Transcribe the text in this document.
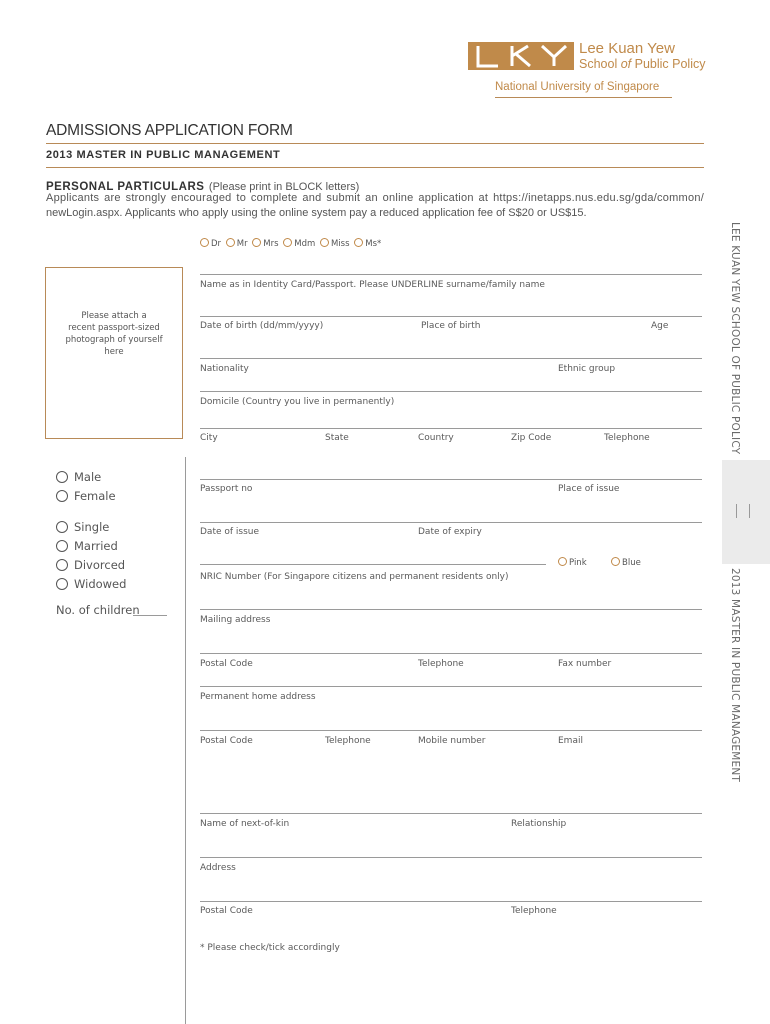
Lee Kuan Yew
School of Public Policy
National University of Singapore
ADMISSIONS APPLICATION FORM
2013 MASTER IN PUBLIC MANAGEMENT
PERSONAL PARTICULARS (Please print in BLOCK letters)
Applicants are strongly encouraged to complete and submit an online application at https://inetapps.nus.edu.sg/gda/common/
newLogin.aspx. Applicants who apply using the online system pay a reduced application fee of S$20 or US$15.
Dr Mr Mrs Mdm Miss Ms*
Please attach a
recent passport-sized
photograph of yourself
here
Male
Female
Single
Married
Divorced
Widowed
No. of children
Name as in Identity Card/Passport. Please UNDERLINE surname/family name
Date of birth (dd/mm/yyyy)	Place of birth	Age
Nationality	Ethnic group
Domicile (Country you live in permanently)
City	State	Country	Zip Code	Telephone
Passport no	Place of issue
Date of issue	Date of expiry
Pink	Blue
NRIC Number (For Singapore citizens and permanent residents only)
Mailing address
Postal Code	Telephone	Fax number
Permanent home address
Postal Code	Telephone	Mobile number	Email
Name of next-of-kin	Relationship
Address
Postal Code	Telephone
* Please check/tick accordingly
LEE KUAN YEW SCHOOL OF PUBLIC POLICY
2013 MASTER IN PUBLIC MANAGEMENT
